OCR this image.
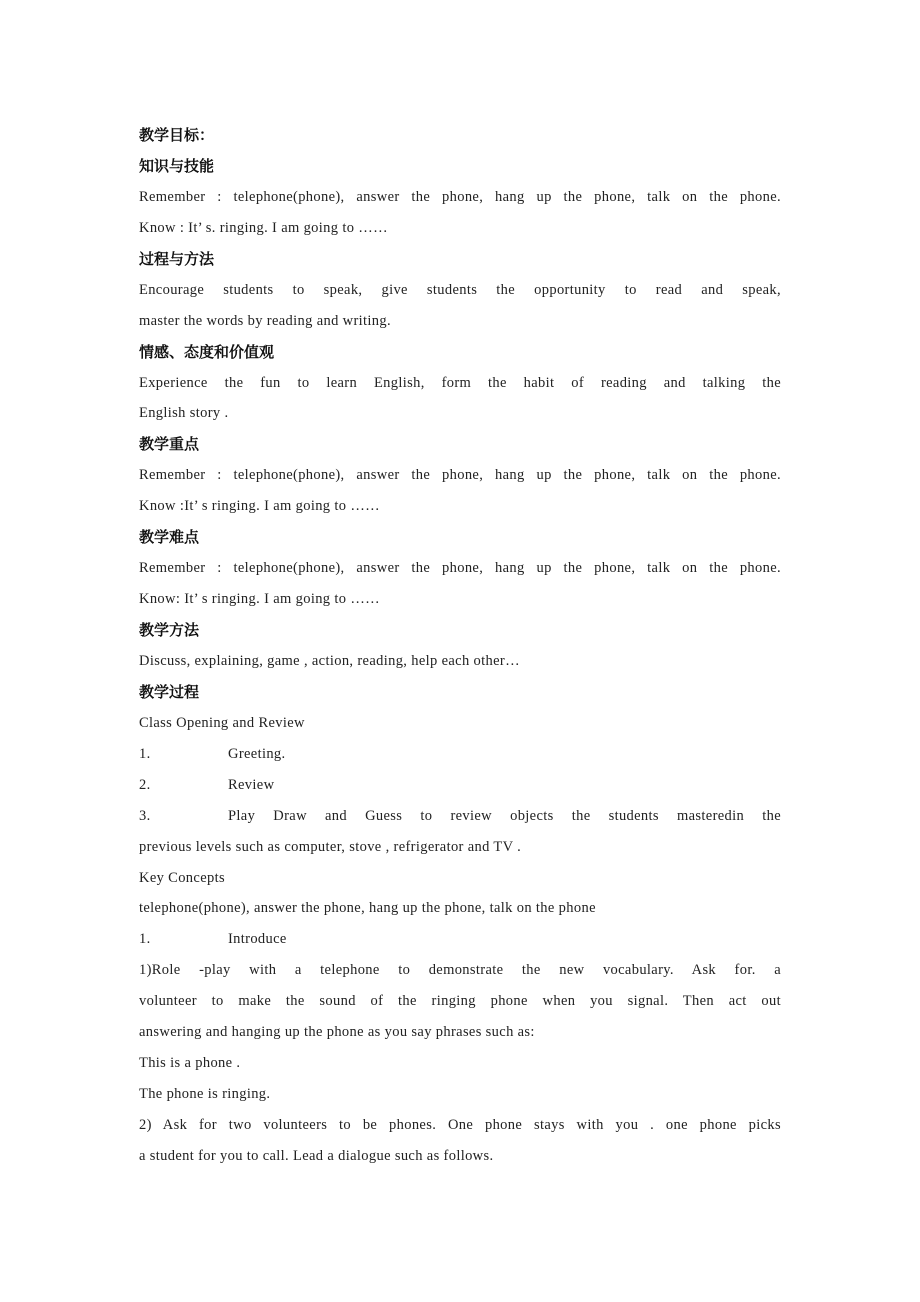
教学目标：
知识与技能
Remember : telephone(phone), answer the phone, hang up the phone, talk on the phone.
Know : It’ s. ringing. I am going to ……
过程与方法
Encourage students to speak, give students the opportunity to read and speak,
master the words by reading and writing.
情感、态度和价值观
Experience the fun to learn English, form the habit of reading and talking the
English story .
教学重点
Remember : telephone(phone), answer the phone, hang up the phone, talk on the phone.
Know :It’ s ringing. I am going to ……
教学难点
Remember : telephone(phone), answer the phone, hang up the phone, talk on the phone.
Know: It’ s ringing. I am going to ……
教学方法
Discuss, explaining, game , action, reading, help each other…
教学过程
Class Opening and Review
1.	Greeting.
2.	Review
3.	Play Draw and Guess to review objects the students masteredin the
previous levels such as computer, stove , refrigerator and TV .
Key Concepts
telephone(phone), answer the phone, hang up the phone, talk on the phone
1.	Introduce
1)Role -play with a telephone to demonstrate the new vocabulary. Ask for. a
volunteer to make the sound of the ringing phone when you signal. Then act out
answering and hanging up the phone as you say phrases such as:
This is a phone .
The phone is ringing.
2) Ask for two volunteers to be phones. One phone stays with you . one phone picks
a student for you to call. Lead a dialogue such as follows.
